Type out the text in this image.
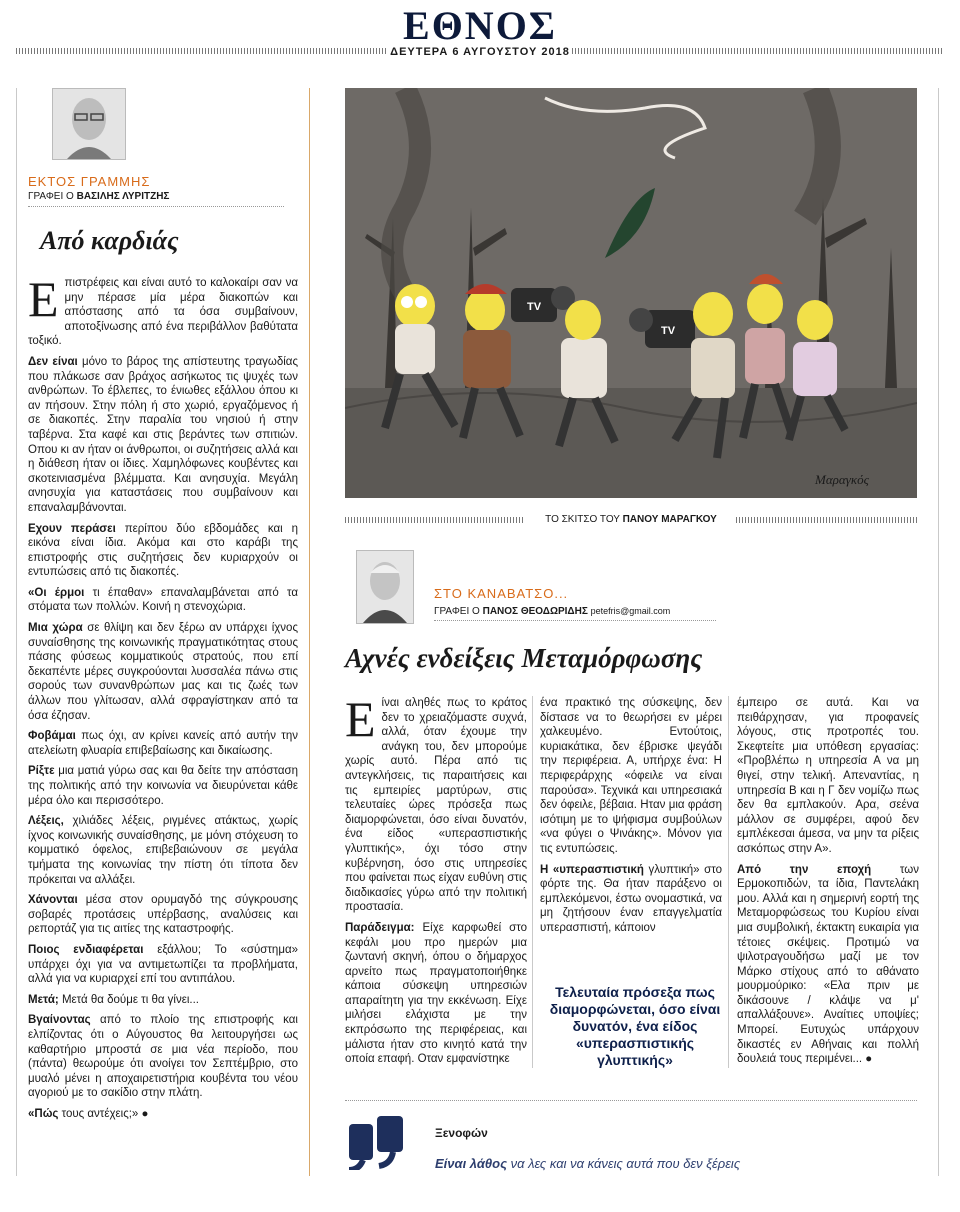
ΕΘΝΟΣ
ΔΕΥΤΕΡΑ 6 ΑΥΓΟΥΣΤΟΥ 2018
ΕΚΤΟΣ ΓΡΑΜΜΗΣ
ΓΡΑΦΕΙ Ο ΒΑΣΙΛΗΣ ΛΥΡΙΤΖΗΣ
Από καρδιάς

Επιστρέφεις και είναι αυτό το καλοκαίρι σαν να μην πέρασε μία μέρα διακοπών και απόστασης από τα όσα συμβαίνουν, αποτοξίνωσης από ένα περιβάλλον βαθύτατα τοξικό.

Δεν είναι μόνο το βάρος της απίστευτης τραγωδίας που πλάκωσε σαν βράχος ασήκωτος τις ψυχές των ανθρώπων. Το έβλεπες, το ένιωθες εξάλλου όπου κι αν πήσουν. Στην πόλη ή στο χωριό, εργαζόμενος ή σε διακοπές. Στην παραλία του νησιού ή στην ταβέρνα. Στα καφέ και στις βεράντες των σπιτιών. Οπου κι αν ήταν οι άνθρωποι, οι συζητήσεις αλλά και η διάθεση ήταν οι ίδιες. Χαμηλόφωνες κουβέντες και σκοτεινιασμένα βλέμματα. Και ανησυχία. Μεγάλη ανησυχία για καταστάσεις που συμβαίνουν και επαναλαμβάνονται.

Εχουν περάσει περίπου δύο εβδομάδες και η εικόνα είναι ίδια. Ακόμα και στο καράβι της επιστροφής στις συζητήσεις δεν κυριαρχούν οι εντυπώσεις από τις διακοπές.

«Οι έρμοι τι έπαθαν» επαναλαμβάνεται από τα στόματα των πολλών. Κοινή η στενοχώρια.

Μια χώρα σε θλίψη και δεν ξέρω αν υπάρχει ίχνος συναίσθησης της κοινωνικής πραγματικότητας στους πάσης φύσεως κομματικούς στρατούς, που επί δεκαπέντε μέρες συγκρούονται λυσσαλέα πάνω στις σορούς των συνανθρώπων μας και τις ζωές των άλλων που γλίτωσαν, αλλά σφραγίστηκαν από τα όσα έζησαν.

Φοβάμαι πως όχι, αν κρίνει κανείς από αυτήν την ατελείωτη φλυαρία επιβεβαίωσης και δικαίωσης.

Ρίξτε μια ματιά γύρω σας και θα δείτε την απόσταση της πολιτικής από την κοινωνία να διευρύνεται κάθε μέρα όλο και περισσότερο.

Λέξεις, χιλιάδες λέξεις, ριγμένες ατάκτως, χωρίς ίχνος κοινωνικής συναίσθησης, με μόνη στόχευση το κομματικό όφελος, επιβεβαιώνουν σε μεγάλα τμήματα της κοινωνίας την πίστη ότι τίποτα δεν πρόκειται να αλλάξει.

Χάνονται μέσα στον ορυμαγδό της σύγκρουσης σοβαρές προτάσεις υπέρβασης, αναλύσεις και ρεπορτάζ για τις αιτίες της καταστροφής.

Ποιος ενδιαφέρεται εξάλλου; Το «σύστημα» υπάρχει όχι για να αντιμετωπίζει τα προβλήματα, αλλά για να κυριαρχεί επί του αντιπάλου.

Μετά; Μετά θα δούμε τι θα γίνει...

Βγαίνοντας από το πλοίο της επιστροφής και ελπίζοντας ότι ο Αύγουστος θα λειτουργήσει ως καθαρτήριο μπροστά σε μια νέα περίοδο, που (πάντα) θεωρούμε ότι ανοίγει τον Σεπτέμβριο, στο μυαλό μένει η αποχαιρετιστήρια κουβέντα του νέου αγοριού με το σακίδιο στην πλάτη.

«Πώς τους αντέχεις;» ●

TV
TV
Μαραγκός
ΤΟ ΣΚΙΤΣΟ ΤΟΥ ΠΑΝΟΥ ΜΑΡΑΓΚΟΥ
ΣΤΟ ΚΑΝΑΒΑΤΣΟ...
ΓΡΑΦΕΙ Ο ΠΑΝΟΣ ΘΕΟΔΩΡΙΔΗΣ petefris@gmail.com
Αχνές ενδείξεις Μεταμόρφωσης

Είναι αληθές πως το κράτος δεν το χρειαζόμαστε συχνά, αλλά, όταν έχουμε την ανάγκη του, δεν μπορούμε χωρίς αυτό. Πέρα από τις αντεγκλήσεις, τις παραιτήσεις και τις εμπειρίες μαρτύρων, στις τελευταίες ώρες πρόσεξα πως διαμορφώνεται, όσο είναι δυνατόν, ένα είδος «υπερασπιστικής γλυπτικής», όχι τόσο στην κυβέρνηση, όσο στις υπηρεσίες που φαίνεται πως είχαν ευθύνη στις διαδικασίες γύρω από την πολιτική προστασία.

Παράδειγμα: Είχε καρφωθεί στο κεφάλι μου προ ημερών μια ζωντανή σκηνή, όπου ο δήμαρχος αρνείτο πως πραγματοποιήθηκε κάποια σύσκεψη υπηρεσιών απαραίτητη για την εκκένωση. Είχε μιλήσει ελάχιστα με την εκπρόσωπο της περιφέρειας, και μάλιστα ήταν στο κινητό κατά την οποία επαφή. Οταν εμφανίστηκε

ένα πρακτικό της σύσκεψης, δεν δίστασε να το θεωρήσει εν μέρει χαλκευμένο. Εντούτοις, κυριακάτικα, δεν έβρισκε ψεγάδι την περιφέρεια. Α, υπήρχε ένα: Η περιφεράρχης «όφειλε να είναι παρούσα». Τεχνικά και υπηρεσιακά δεν όφειλε, βέβαια. Ηταν μια φράση ισότιμη με το ψήφισμα συμβούλων «να φύγει ο Ψινάκης». Μόνον για τις εντυπώσεις.

Η «υπερασπιστική γλυπτική» στο φόρτε της. Θα ήταν παράξενο οι εμπλεκόμενοι, έστω ονομαστικά, να μη ζητήσουν έναν επαγγελματία υπερασπιστή, κάποιον

Τελευταία πρόσεξα πως διαμορφώνεται, όσο είναι δυνατόν, ένα είδος «υπερασπιστικής γλυπτικής»

έμπειρο σε αυτά. Και να πειθάρχησαν, για προφανείς λόγους, στις προτροπές του. Σκεφτείτε μια υπόθεση εργασίας: «Προβλέπω η υπηρεσία Α να μη θιγεί, στην τελική. Απεναντίας, η υπηρεσία Β και η Γ δεν νομίζω πως δεν θα εμπλακούν. Αρα, σεένα μάλλον σε συμφέρει, αφού δεν εμπλέκεσαι άμεσα, να μην τα ρίξεις ασκόπως στην Α».

Από την εποχή των Ερμοκοπιδών, τα ίδια, Παντελάκη μου. Αλλά και η σημερινή εορτή της Μεταμορφώσεως του Κυρίου είναι μια συμβολική, έκτακτη ευκαιρία για τέτοιες σκέψεις. Προτιμώ να ψιλοτραγουδήσω μαζί με τον Μάρκο στίχους από το αθάνατο μουρμούρικο: «Ελα πριν με δικάσουνε / κλάψε να μ' απαλλάξουνε». Αναίτιες υποψίες; Μπορεί. Ευτυχώς υπάρχουν δικαστές εν Αθήναις και πολλή δουλειά τους περιμένει... ●

Ξενοφών
Είναι λάθος να λες και να κάνεις αυτά που δεν ξέρεις
